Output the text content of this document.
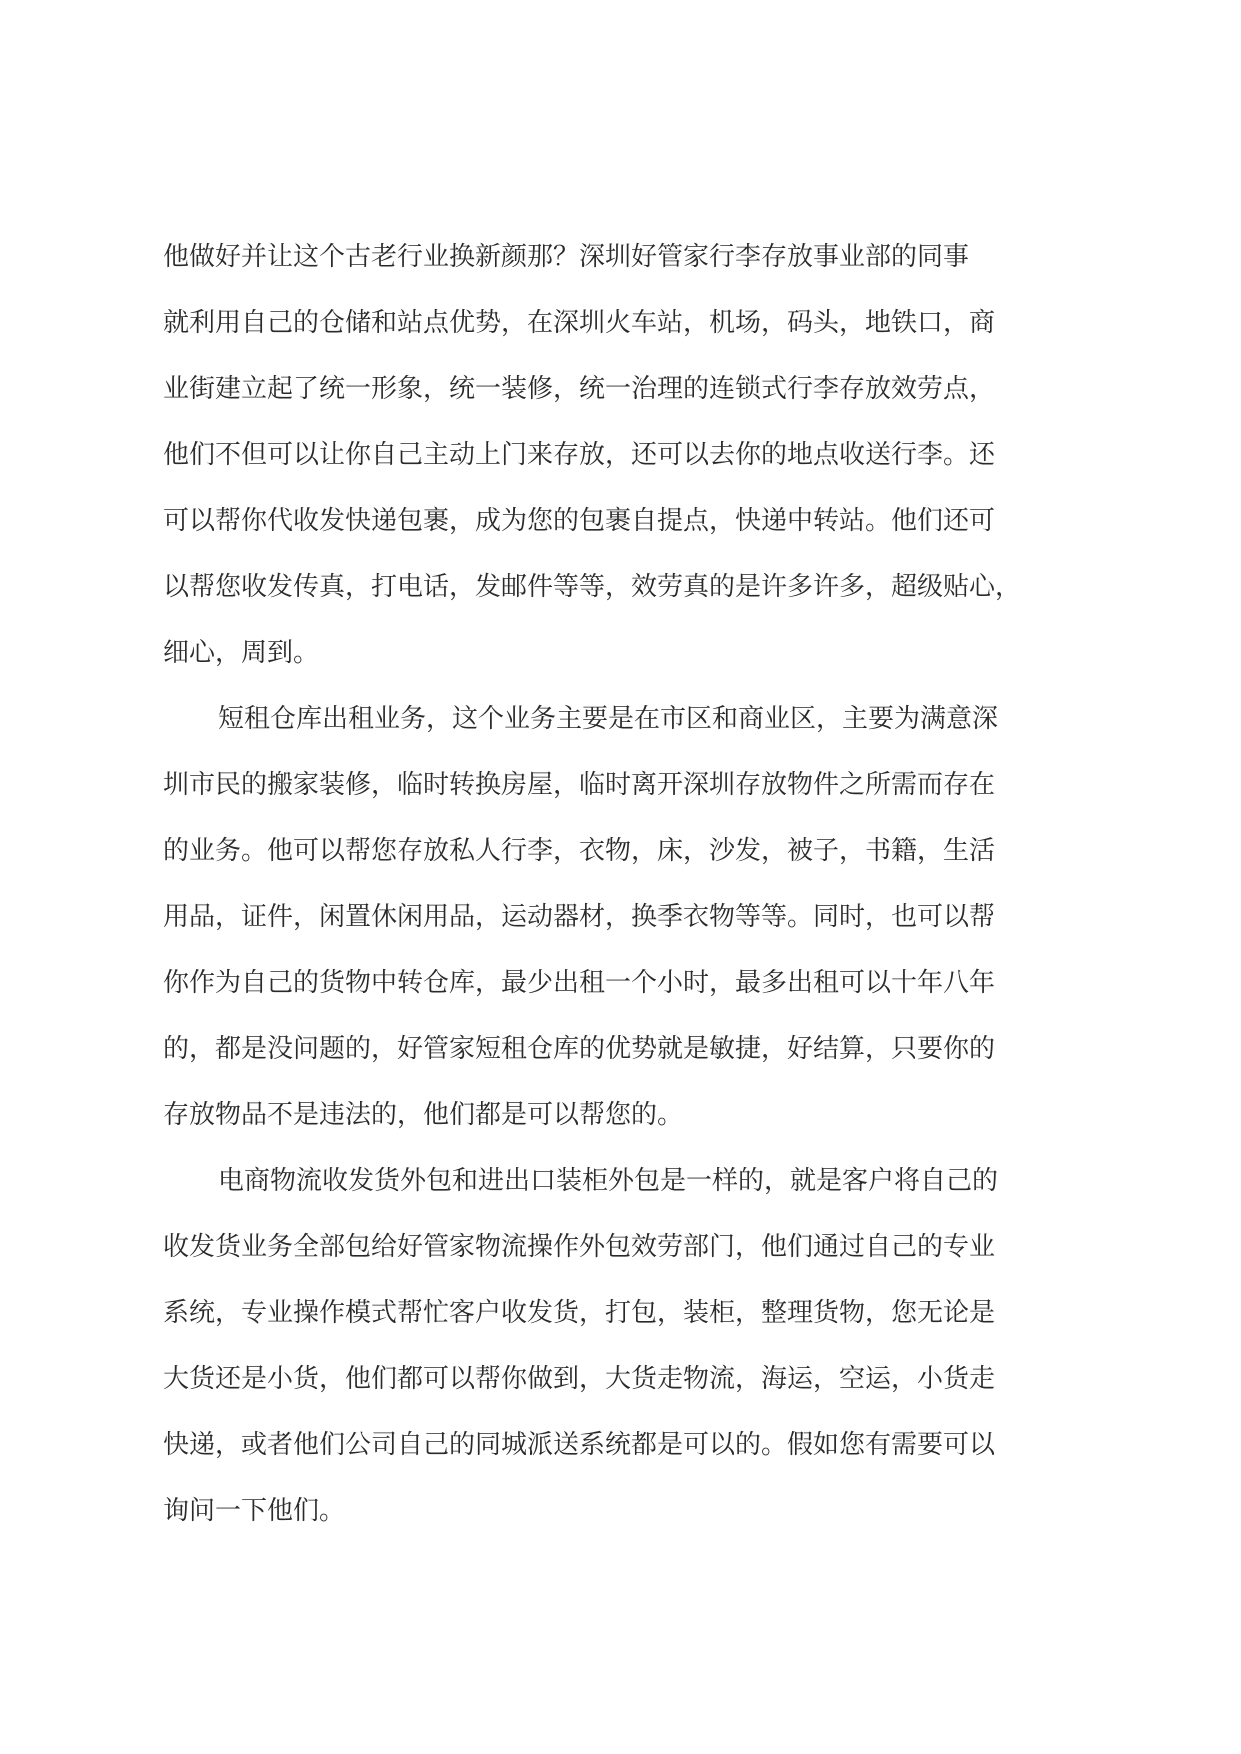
他做好并让这个古老行业换新颜那？深圳好管家行李存放事业部的同事
就利用自己的仓储和站点优势，在深圳火车站，机场，码头，地铁口，商
业街建立起了统一形象，统一装修，统一治理的连锁式行李存放效劳点，
他们不但可以让你自己主动上门来存放，还可以去你的地点收送行李。还
可以帮你代收发快递包裹，成为您的包裹自提点，快递中转站。他们还可
以帮您收发传真，打电话，发邮件等等，效劳真的是许多许多，超级贴心，
细心，周到。
短租仓库出租业务，这个业务主要是在市区和商业区，主要为满意深
圳市民的搬家装修，临时转换房屋，临时离开深圳存放物件之所需而存在
的业务。他可以帮您存放私人行李，衣物，床，沙发，被子，书籍，生活
用品，证件，闲置休闲用品，运动器材，换季衣物等等。同时，也可以帮
你作为自己的货物中转仓库，最少出租一个小时，最多出租可以十年八年
的，都是没问题的，好管家短租仓库的优势就是敏捷，好结算，只要你的
存放物品不是违法的，他们都是可以帮您的。
电商物流收发货外包和进出口装柜外包是一样的，就是客户将自己的
收发货业务全部包给好管家物流操作外包效劳部门，他们通过自己的专业
系统，专业操作模式帮忙客户收发货，打包，装柜，整理货物，您无论是
大货还是小货，他们都可以帮你做到，大货走物流，海运，空运，小货走
快递，或者他们公司自己的同城派送系统都是可以的。假如您有需要可以
询问一下他们。
